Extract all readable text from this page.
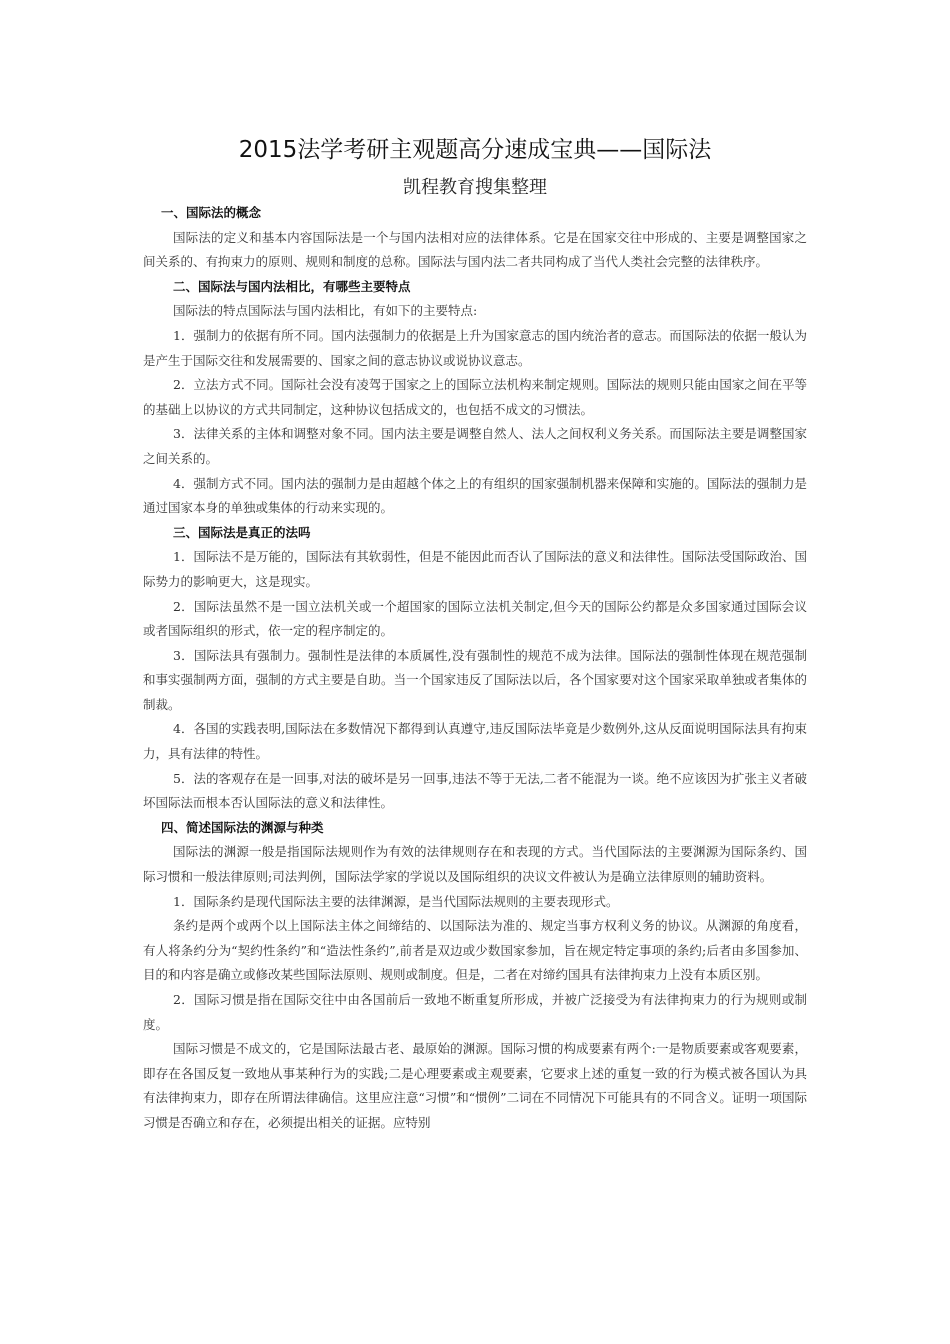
2015法学考研主观题高分速成宝典——国际法
凯程教育搜集整理

一、国际法的概念

国际法的定义和基本内容国际法是一个与国内法相对应的法律体系。它是在国家交往中形成的、主要是调整国家之间关系的、有拘束力的原则、规则和制度的总称。国际法与国内法二者共同构成了当代人类社会完整的法律秩序。

二、国际法与国内法相比，有哪些主要特点

国际法的特点国际法与国内法相比，有如下的主要特点:

1．强制力的依据有所不同。国内法强制力的依据是上升为国家意志的国内统治者的意志。而国际法的依据一般认为是产生于国际交往和发展需要的、国家之间的意志协议或说协议意志。

2．立法方式不同。国际社会没有凌驾于国家之上的国际立法机构来制定规则。国际法的规则只能由国家之间在平等的基础上以协议的方式共同制定，这种协议包括成文的，也包括不成文的习惯法。

3．法律关系的主体和调整对象不同。国内法主要是调整自然人、法人之间权利义务关系。而国际法主要是调整国家之间关系的。

4．强制方式不同。国内法的强制力是由超越个体之上的有组织的国家强制机器来保障和实施的。国际法的强制力是通过国家本身的单独或集体的行动来实现的。

三、国际法是真正的法吗

1．国际法不是万能的，国际法有其软弱性，但是不能因此而否认了国际法的意义和法律性。国际法受国际政治、国际势力的影响更大，这是现实。

2．国际法虽然不是一国立法机关或一个超国家的国际立法机关制定,但今天的国际公约都是众多国家通过国际会议或者国际组织的形式，依一定的程序制定的。

3．国际法具有强制力。强制性是法律的本质属性,没有强制性的规范不成为法律。国际法的强制性体现在规范强制和事实强制两方面，强制的方式主要是自助。当一个国家违反了国际法以后，各个国家要对这个国家采取单独或者集体的制裁。

4．各国的实践表明,国际法在多数情况下都得到认真遵守,违反国际法毕竟是少数例外,这从反面说明国际法具有拘束力，具有法律的特性。

5．法的客观存在是一回事,对法的破坏是另一回事,违法不等于无法,二者不能混为一谈。绝不应该因为扩张主义者破坏国际法而根本否认国际法的意义和法律性。

四、简述国际法的渊源与种类

国际法的渊源一般是指国际法规则作为有效的法律规则存在和表现的方式。当代国际法的主要渊源为国际条约、国际习惯和一般法律原则;司法判例，国际法学家的学说以及国际组织的决议文件被认为是确立法律原则的辅助资料。

1．国际条约是现代国际法主要的法律渊源，是当代国际法规则的主要表现形式。

条约是两个或两个以上国际法主体之间缔结的、以国际法为准的、规定当事方权利义务的协议。从渊源的角度看，有人将条约分为“契约性条约”和“造法性条约”,前者是双边或少数国家参加，旨在规定特定事项的条约;后者由多国参加、目的和内容是确立或修改某些国际法原则、规则或制度。但是，二者在对缔约国具有法律拘束力上没有本质区别。

2．国际习惯是指在国际交往中由各国前后一致地不断重复所形成，并被广泛接受为有法律拘束力的行为规则或制度。

国际习惯是不成文的，它是国际法最古老、最原始的渊源。国际习惯的构成要素有两个:一是物质要素或客观要素，即存在各国反复一致地从事某种行为的实践;二是心理要素或主观要素，它要求上述的重复一致的行为模式被各国认为具有法律拘束力，即存在所谓法律确信。这里应注意“习惯”和“惯例”二词在不同情况下可能具有的不同含义。证明一项国际习惯是否确立和存在，必须提出相关的证据。应特别
